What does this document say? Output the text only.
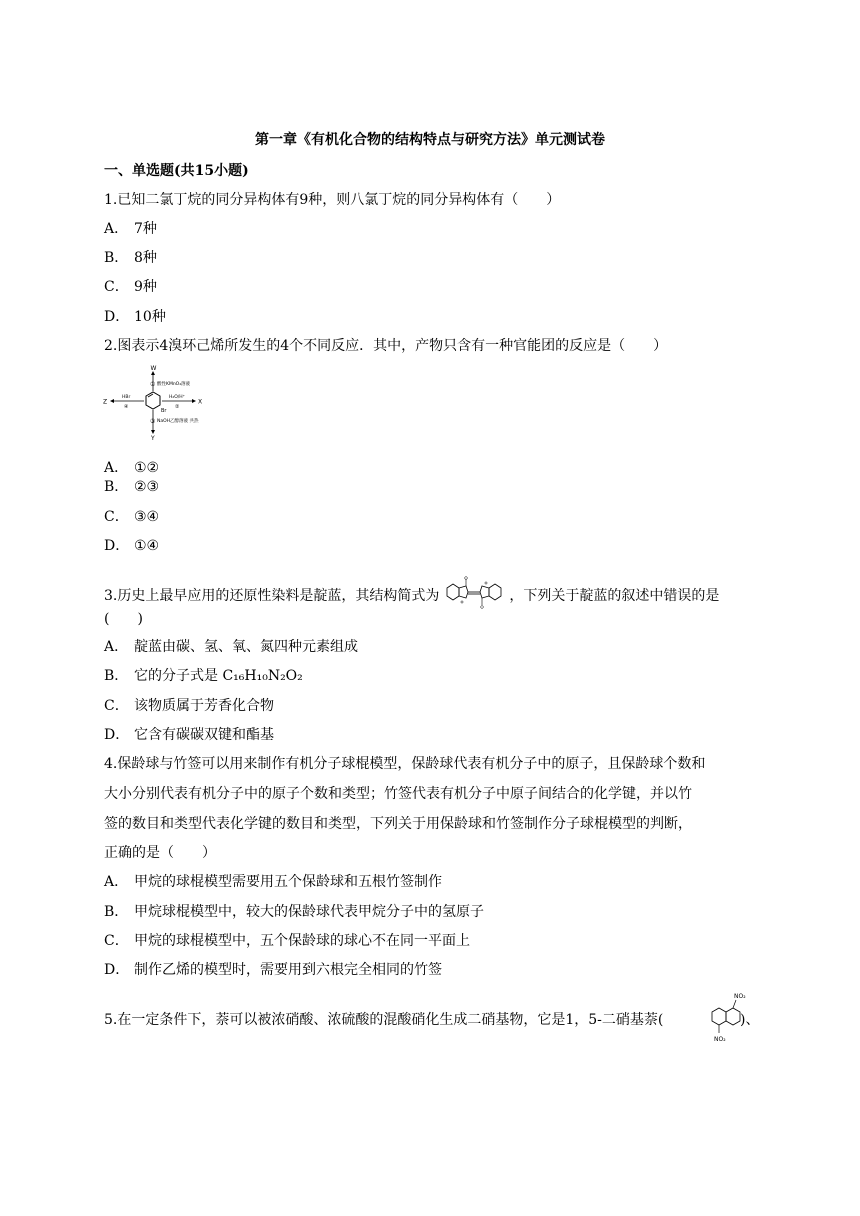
第一章《有机化合物的结构特点与研究方法》单元测试卷
一、单选题(共15小题)
1.已知二氯丁烷的同分异构体有9种，则八氯丁烷的同分异构体有（　　）
A． 7种
B． 8种
C． 9种
D． 10种
2.图表示4溴环己烯所发生的4个不同反应．其中，产物只含有一种官能团的反应是（　　）
Br
W
① 酸性KMnO₄溶液
X
H₂O/H⁺
②
Y
③ NaOH乙醇溶液 共热
Z
HBr
④
A． ①②
B． ②③
C． ③④
D． ①④
3.历史上最早应用的还原性染料是靛蓝，其结构简式为	，下列关于靛蓝的叙述中错误的是
(　　)
A． 靛蓝由碳、氢、氧、氮四种元素组成
B． 它的分子式是 C₁₆H₁₀N₂O₂
C． 该物质属于芳香化合物
D． 它含有碳碳双键和酯基
4.保龄球与竹签可以用来制作有机分子球棍模型，保龄球代表有机分子中的原子，且保龄球个数和
大小分别代表有机分子中的原子个数和类型；竹签代表有机分子中原子间结合的化学键，并以竹
签的数目和类型代表化学键的数目和类型，下列关于用保龄球和竹签制作分子球棍模型的判断，
正确的是（　　）
A． 甲烷的球棍模型需要用五个保龄球和五根竹签制作
B． 甲烷球棍模型中，较大的保龄球代表甲烷分子中的氢原子
C． 甲烷的球棍模型中，五个保龄球的球心不在同一平面上
D． 制作乙烯的模型时，需要用到六根完全相同的竹签
5.在一定条件下，萘可以被浓硝酸、浓硫酸的混酸硝化生成二硝基物，它是1，5-二硝基萘(
NO₂
NO₂
)、
